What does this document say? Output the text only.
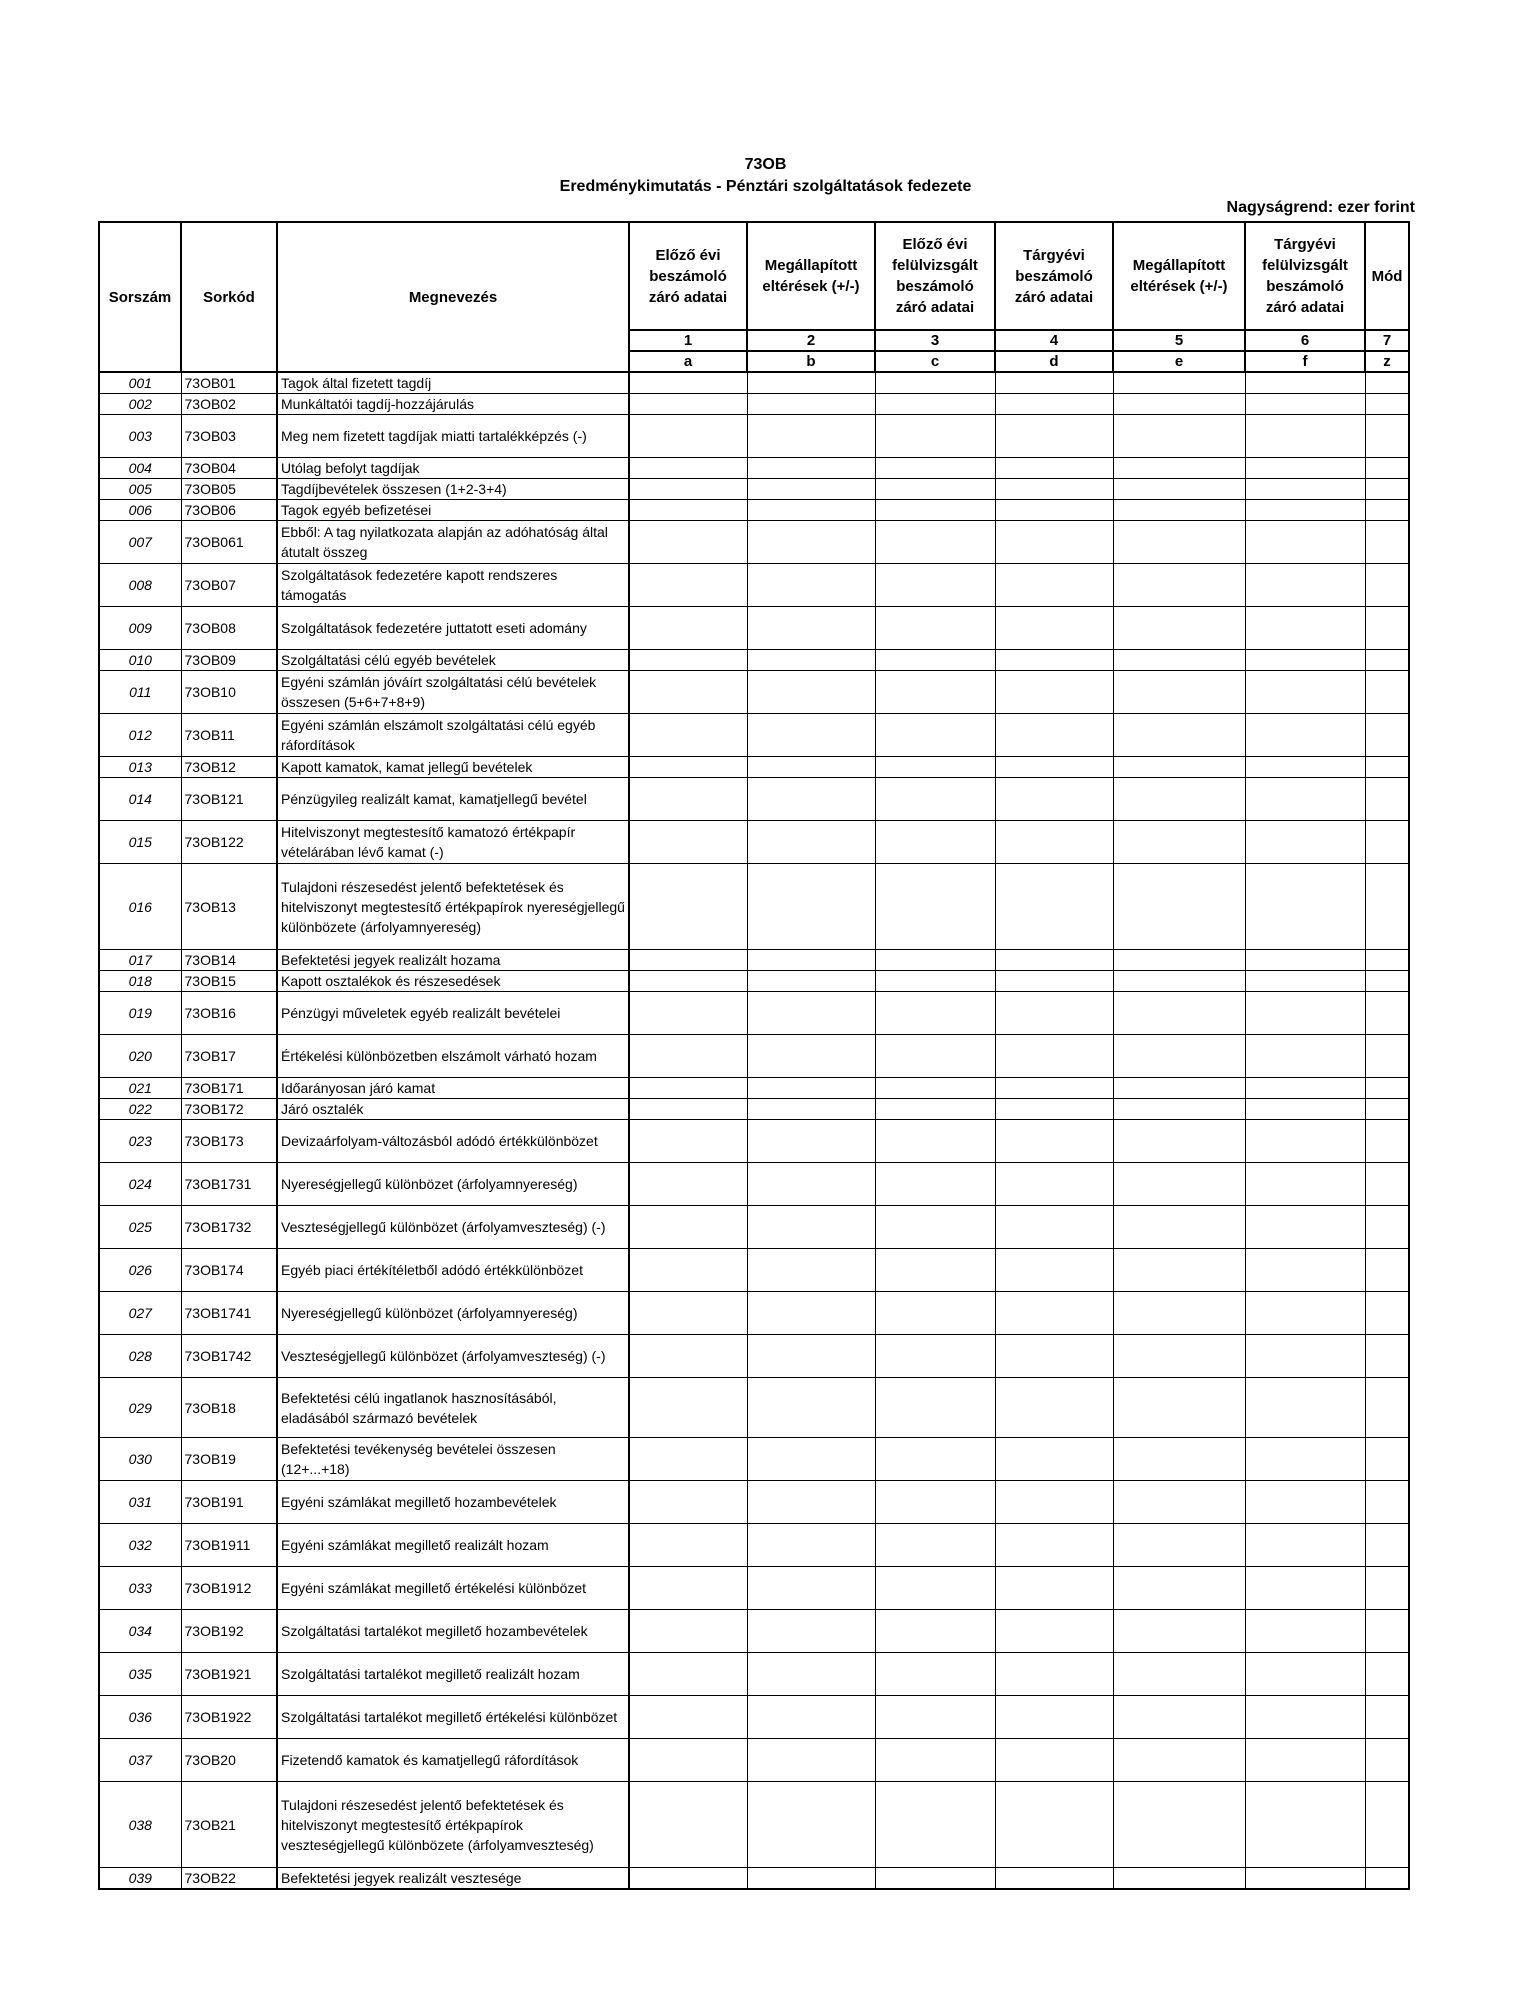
73OB
Eredménykimutatás - Pénztári szolgáltatások fedezete
Nagyságrend: ezer forint
Sorszám	Sorkód	Megnevezés	Előző évi beszámoló záró adatai	Megállapított eltérések (+/-)	Előző évi felülvizsgált beszámoló záró adatai	Tárgyévi beszámoló záró adatai	Megállapított eltérések (+/-)	Tárgyévi felülvizsgált beszámoló záró adatai	Mód
			1	2	3	4	5	6	7
			a	b	c	d	e	f	z
001	73OB01	Tagok által fizetett tagdíj							
002	73OB02	Munkáltatói tagdíj-hozzájárulás							
003	73OB03	Meg nem fizetett tagdíjak miatti tartalékképzés (-)							
004	73OB04	Utólag befolyt tagdíjak							
005	73OB05	Tagdíjbevételek összesen (1+2-3+4)							
006	73OB06	Tagok egyéb befizetései							
007	73OB061	Ebből: A tag nyilatkozata alapján az adóhatóság által átutalt összeg							
008	73OB07	Szolgáltatások fedezetére kapott rendszeres támogatás							
009	73OB08	Szolgáltatások fedezetére juttatott eseti adomány							
010	73OB09	Szolgáltatási célú egyéb bevételek							
011	73OB10	Egyéni számlán jóváírt szolgáltatási célú bevételek összesen (5+6+7+8+9)							
012	73OB11	Egyéni számlán elszámolt szolgáltatási célú egyéb ráfordítások							
013	73OB12	Kapott kamatok, kamat jellegű bevételek							
014	73OB121	Pénzügyileg realizált kamat, kamatjellegű bevétel							
015	73OB122	Hitelviszonyt megtestesítő kamatozó értékpapír vételárában lévő kamat (-)							
016	73OB13	Tulajdoni részesedést jelentő befektetések és hitelviszonyt megtestesítő értékpapírok nyereségjellegű különbözete (árfolyamnyereség)							
017	73OB14	Befektetési jegyek realizált hozama							
018	73OB15	Kapott osztalékok és részesedések							
019	73OB16	Pénzügyi műveletek egyéb realizált bevételei							
020	73OB17	Értékelési különbözetben elszámolt várható hozam							
021	73OB171	Időarányosan járó kamat							
022	73OB172	Járó osztalék							
023	73OB173	Devizaárfolyam-változásból adódó értékkülönbözet							
024	73OB1731	Nyereségjellegű különbözet (árfolyamnyereség)							
025	73OB1732	Veszteségjellegű különbözet (árfolyamveszteség) (-)							
026	73OB174	Egyéb piaci értékítéletből adódó értékkülönbözet							
027	73OB1741	Nyereségjellegű különbözet (árfolyamnyereség)							
028	73OB1742	Veszteségjellegű különbözet (árfolyamveszteség) (-)							
029	73OB18	Befektetési célú ingatlanok hasznosításából, eladásából származó bevételek							
030	73OB19	Befektetési tevékenység bevételei összesen (12+...+18)							
031	73OB191	Egyéni számlákat megillető hozambevételek							
032	73OB1911	Egyéni számlákat megillető realizált hozam							
033	73OB1912	Egyéni számlákat megillető értékelési különbözet							
034	73OB192	Szolgáltatási tartalékot megillető hozambevételek							
035	73OB1921	Szolgáltatási tartalékot megillető realizált hozam							
036	73OB1922	Szolgáltatási tartalékot megillető értékelési különbözet							
037	73OB20	Fizetendő kamatok és kamatjellegű ráfordítások							
038	73OB21	Tulajdoni részesedést jelentő befektetések és hitelviszonyt megtestesítő értékpapírok veszteségjellegű különbözete (árfolyamveszteség)							
039	73OB22	Befektetési jegyek realizált vesztesége							
